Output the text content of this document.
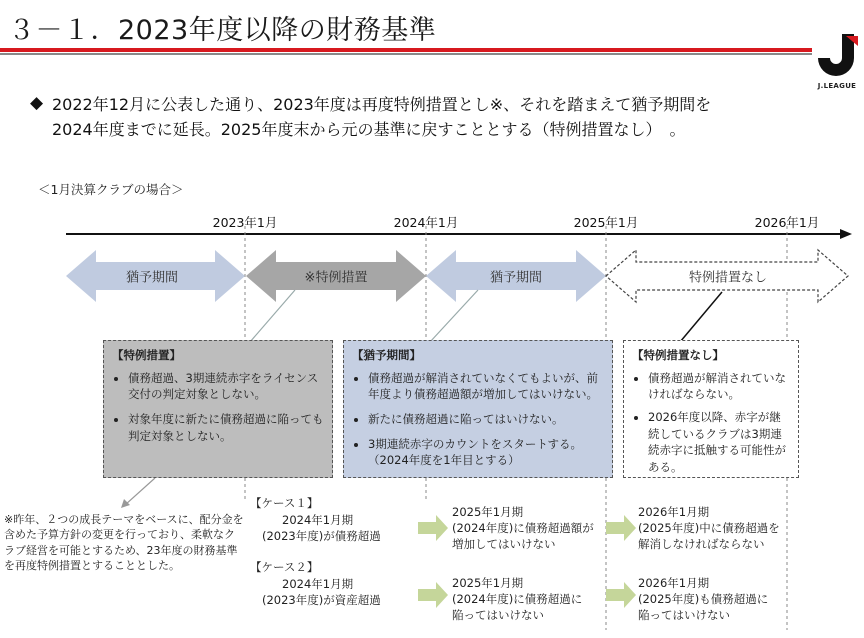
３－１．2023年度以降の財務基準
J.LEAGUE
◆ 2022年12月に公表した通り、2023年度は再度特例措置とし※、それを踏まえて猶予期間を
2024年度までに延長。2025年度末から元の基準に戻すこととする（特例措置なし）　。
＜1月決算クラブの場合＞
2023年1月	2024年1月	2025年1月	2026年1月
猶予期間	※特例措置	猶予期間	特例措置なし
【特例措置】
• 債務超過、3期連続赤字をライセンス交付の判定対象としない。
• 対象年度に新たに債務超過に陥っても判定対象としない。
【猶予期間】
• 債務超過が解消されていなくてもよいが、前年度より債務超過額が増加してはいけない。
• 新たに債務超過に陥ってはいけない。
• 3期連続赤字のカウントをスタートする。（2024年度を1年目とする）
【特例措置なし】
• 債務超過が解消されていなければならない。
• 2026年度以降、赤字が継続しているクラブは3期連続赤字に抵触する可能性がある。
※昨年、２つの成長テーマをベースに、配分金を含めた予算方針の変更を行っており、柔軟なクラブ経営を可能とするため、23年度の財務基準を再度特例措置とすることとした。
【ケース１】
2024年1月期
(2023年度)が債務超過
2025年1月期
(2024年度)に債務超過額が
増加してはいけない
2026年1月期
(2025年度)中に債務超過を
解消しなければならない
【ケース２】
2024年1月期
(2023年度)が資産超過
2025年1月期
(2024年度)に債務超過に
陥ってはいけない
2026年1月期
(2025年度)も債務超過に
陥ってはいけない
